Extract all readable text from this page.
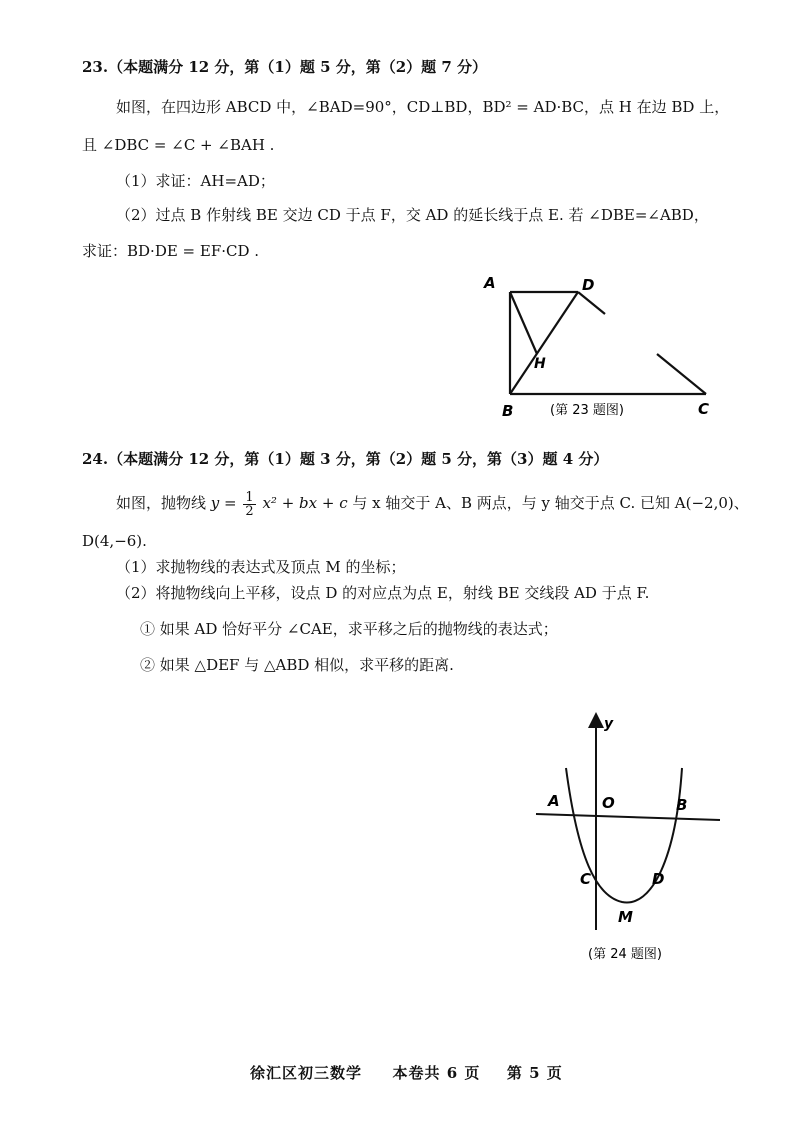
23.（本题满分 12 分，第（1）题 5 分，第（2）题 7 分）
如图，在四边形 ABCD 中，∠BAD=90°，CD⊥BD，BD² = AD·BC，点 H 在边 BD 上，
且 ∠DBC = ∠C + ∠BAH .
（1）求证：AH=AD；
（2）过点 B 作射线 BE 交边 CD 于点 F，交 AD 的延长线于点 E. 若 ∠DBE=∠ABD，
求证：BD·DE = EF·CD .
A	D
H
B	C
(第 23 题图)
24.（本题满分 12 分，第（1）题 3 分，第（2）题 5 分，第（3）题 4 分）
如图，抛物线 $y = \frac{1}{2} x^2$ + bx + c 与 x 轴交于 A、B 两点，与 y 轴交于点 C. 已知 A(−2,0)、
D(4,−6).
（1）求抛物线的表达式及顶点 M 的坐标；
（2）将抛物线向上平移，设点 D 的对应点为点 E，射线 BE 交线段 AD 于点 F.
① 如果 AD 恰好平分 ∠CAE，求平移之后的抛物线的表达式；
② 如果 △DEF 与 △ABD 相似，求平移的距离.
y
A	O	B
C	D
M
(第 24 题图)
徐汇区初三数学 本卷共 6 页 第 5 页
